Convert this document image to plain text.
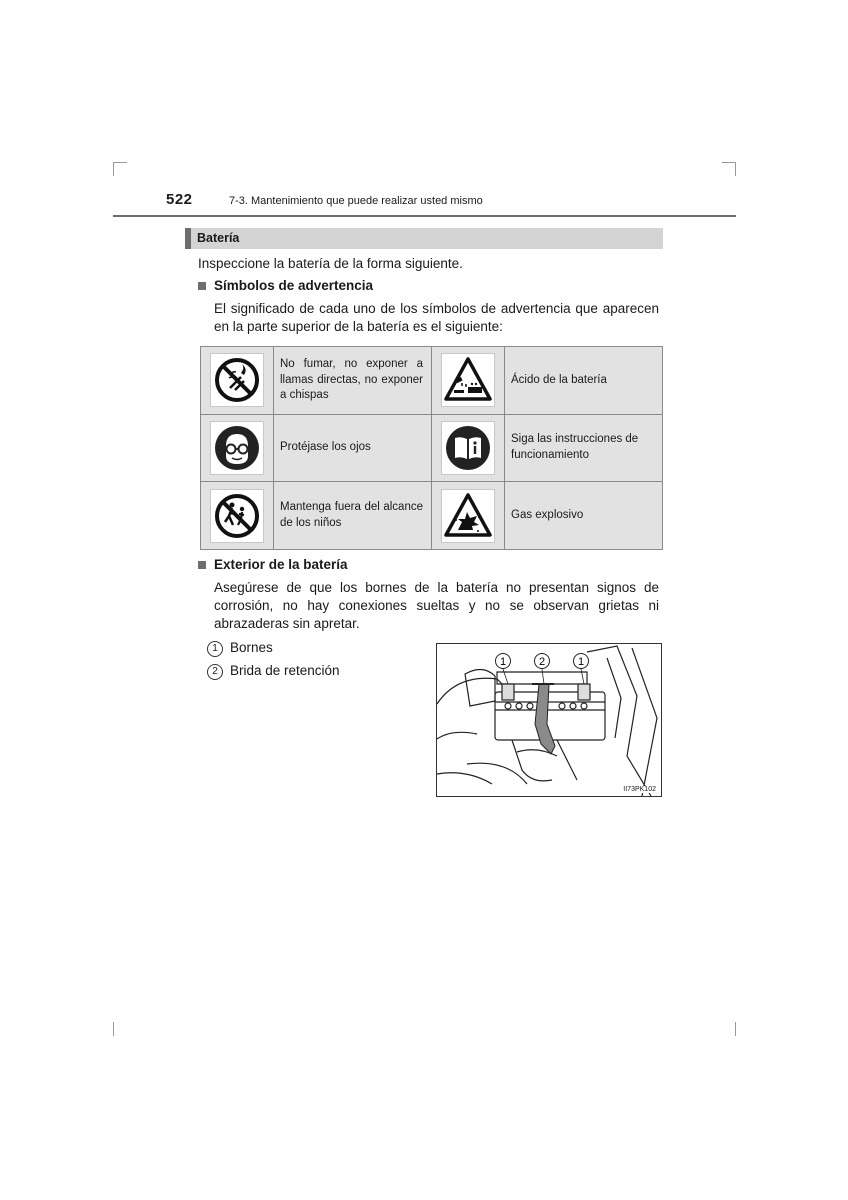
522	7-3. Mantenimiento que puede realizar usted mismo
Batería
Inspeccione la batería de la forma siguiente.
Símbolos de advertencia
El significado de cada uno de los símbolos de advertencia que aparecen en la parte superior de la batería es el siguiente:
	No fumar, no exponer a llamas directas, no exponer a chispas		Ácido de la batería

	Protéjase los ojos		Siga las instrucciones de funcionamiento

	Mantenga fuera del alcance de los niños		Gas explosivo
Exterior de la batería
Asegúrese de que los bornes de la batería no presentan signos de corrosión, no hay conexiones sueltas y no se observan grietas ni abrazaderas sin apretar.
1 Bornes
2 Brida de retención
1	2	1
II73PK102
